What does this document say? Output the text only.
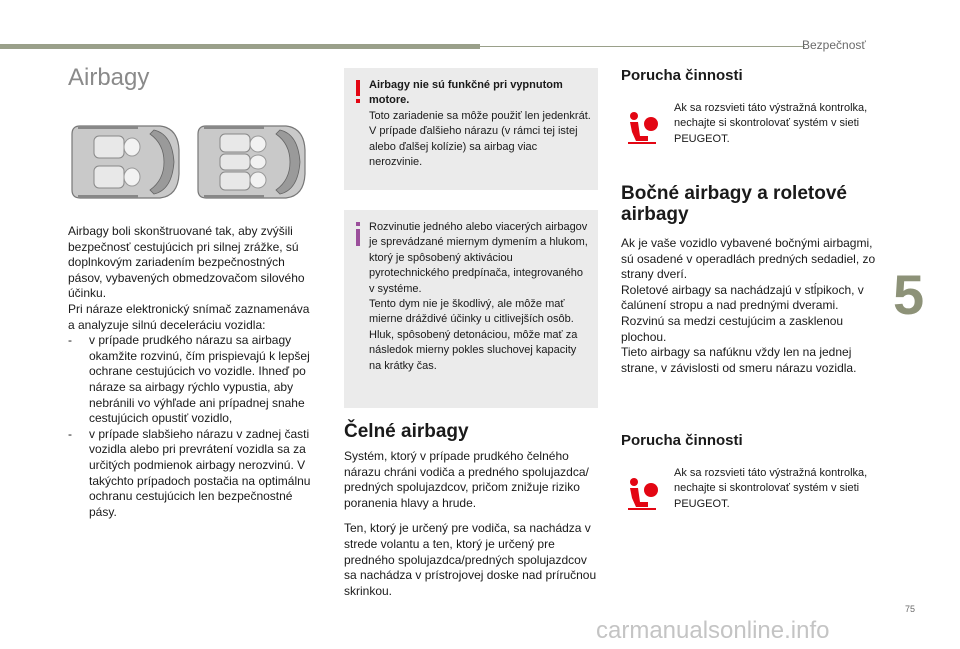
Bezpečnosť
5
Airbagy

Airbagy boli skonštruované tak, aby zvýšili bezpečnosť cestujúcich pri silnej zrážke, sú doplnkovým zariadením bezpečnostných pásov, vybavených obmedzovačom silového účinku.

Pri náraze elektronický snímač zaznamenáva a analyzuje silnú deceleráciu vozidla:

- v prípade prudkého nárazu sa airbagy okamžite rozvinú, čím prispievajú k lepšej ochrane cestujúcich vo vozidle. Ihneď po náraze sa airbagy rýchlo vypustia, aby nebránili vo výhľade ani prípadnej snahe cestujúcich opustiť vozidlo,
- v prípade slabšieho nárazu v zadnej časti vozidla alebo pri prevrátení vozidla sa za určitých podmienok airbagy nerozvinú. V takýchto prípadoch postačia na optimálnu ochranu cestujúcich len bezpečnostné pásy.

Airbagy nie sú funkčné pri vypnutom motore.

Toto zariadenie sa môže použiť len jedenkrát. V prípade ďalšieho nárazu (v rámci tej istej alebo ďalšej kolízie) sa airbag viac nerozvinie.

Rozvinutie jedného alebo viacerých airbagov je sprevádzané miernym dymením a hlukom, ktorý je spôsobený aktiváciou pyrotechnického predpínača, integrovaného v systéme.

Tento dym nie je škodlivý, ale môže mať mierne dráždivé účinky u citlivejších osôb. Hluk, spôsobený detonáciou, môže mať za následok mierny pokles sluchovej kapacity na krátky čas.

Čelné airbagy

Systém, ktorý v prípade prudkého čelného nárazu chráni vodiča a predného spolujazdca/ predných spolujazdcov, pričom znižuje riziko poranenia hlavy a hrude.

Ten, ktorý je určený pre vodiča, sa nachádza v strede volantu a ten, ktorý je určený pre predného spolujazdca/predných spolujazdcov sa nachádza v prístrojovej doske nad príručnou skrinkou.

Porucha činnosti
Ak sa rozsvieti táto výstražná kontrolka, nechajte si skontrolovať systém v sieti PEUGEOT.
Bočné airbagy a roletové airbagy

Ak je vaše vozidlo vybavené bočnými airbagmi, sú osadené v operadlách predných sedadiel, zo strany dverí.

Roletové airbagy sa nachádzajú v stĺpikoch, v čalúnení stropu a nad prednými dverami. Rozvinú sa medzi cestujúcim a zasklenou plochou.

Tieto airbagy sa nafúknu vždy len na jednej strane, v závislosti od smeru nárazu vozidla.

Porucha činnosti
Ak sa rozsvieti táto výstražná kontrolka, nechajte si skontrolovať systém v sieti PEUGEOT.
75
carmanualsonline.info
